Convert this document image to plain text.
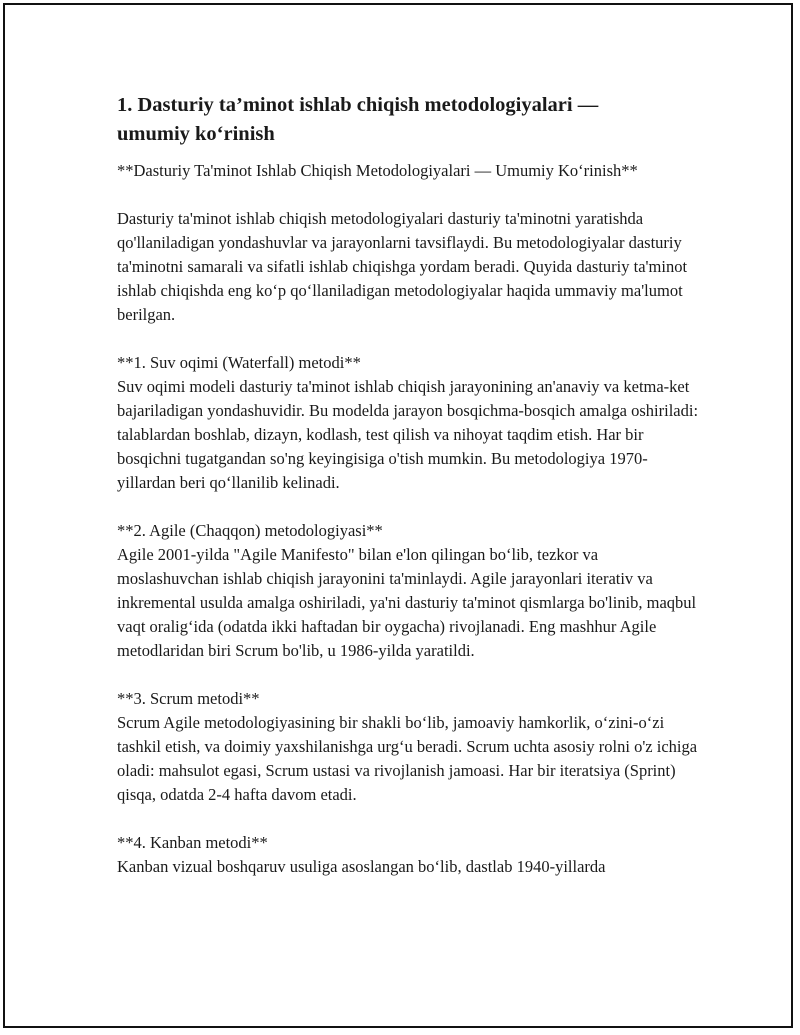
1. Dasturiy ta’minot ishlab chiqish metodologiyalari — umumiy ko‘rinish

**Dasturiy Ta'minot Ishlab Chiqish Metodologiyalari — Umumiy Ko‘rinish**

Dasturiy ta'minot ishlab chiqish metodologiyalari dasturiy ta'minotni yaratishda qo'llaniladigan yondashuvlar va jarayonlarni tavsiflaydi. Bu metodologiyalar dasturiy ta'minotni samarali va sifatli ishlab chiqishga yordam beradi. Quyida dasturiy ta'minot ishlab chiqishda eng ko‘p qo‘llaniladigan metodologiyalar haqida ummaviy ma'lumot berilgan.

**1. Suv oqimi (Waterfall) metodi**
Suv oqimi modeli dasturiy ta'minot ishlab chiqish jarayonining an'anaviy va ketma-ket bajariladigan yondashuvidir. Bu modelda jarayon bosqichma-bosqich amalga oshiriladi: talablardan boshlab, dizayn, kodlash, test qilish va nihoyat taqdim etish. Har bir bosqichni tugatgandan so'ng keyingisiga o'tish mumkin. Bu metodologiya 1970-yillardan beri qo‘llanilib kelinadi.

**2. Agile (Chaqqon) metodologiyasi**
Agile 2001-yilda "Agile Manifesto" bilan e'lon qilingan bo‘lib, tezkor va moslashuvchan ishlab chiqish jarayonini ta'minlaydi. Agile jarayonlari iterativ va inkremental usulda amalga oshiriladi, ya'ni dasturiy ta'minot qismlarga bo'linib, maqbul vaqt oralig‘ida (odatda ikki haftadan bir oygacha) rivojlanadi. Eng mashhur Agile metodlaridan biri Scrum bo'lib, u 1986-yilda yaratildi.

**3. Scrum metodi**
Scrum Agile metodologiyasining bir shakli bo‘lib, jamoaviy hamkorlik, o‘zini-o‘zi tashkil etish, va doimiy yaxshilanishga urg‘u beradi. Scrum uchta asosiy rolni o'z ichiga oladi: mahsulot egasi, Scrum ustasi va rivojlanish jamoasi. Har bir iteratsiya (Sprint) qisqa, odatda 2-4 hafta davom etadi.

**4. Kanban metodi**
Kanban vizual boshqaruv usuliga asoslangan bo‘lib, dastlab 1940-yillarda
